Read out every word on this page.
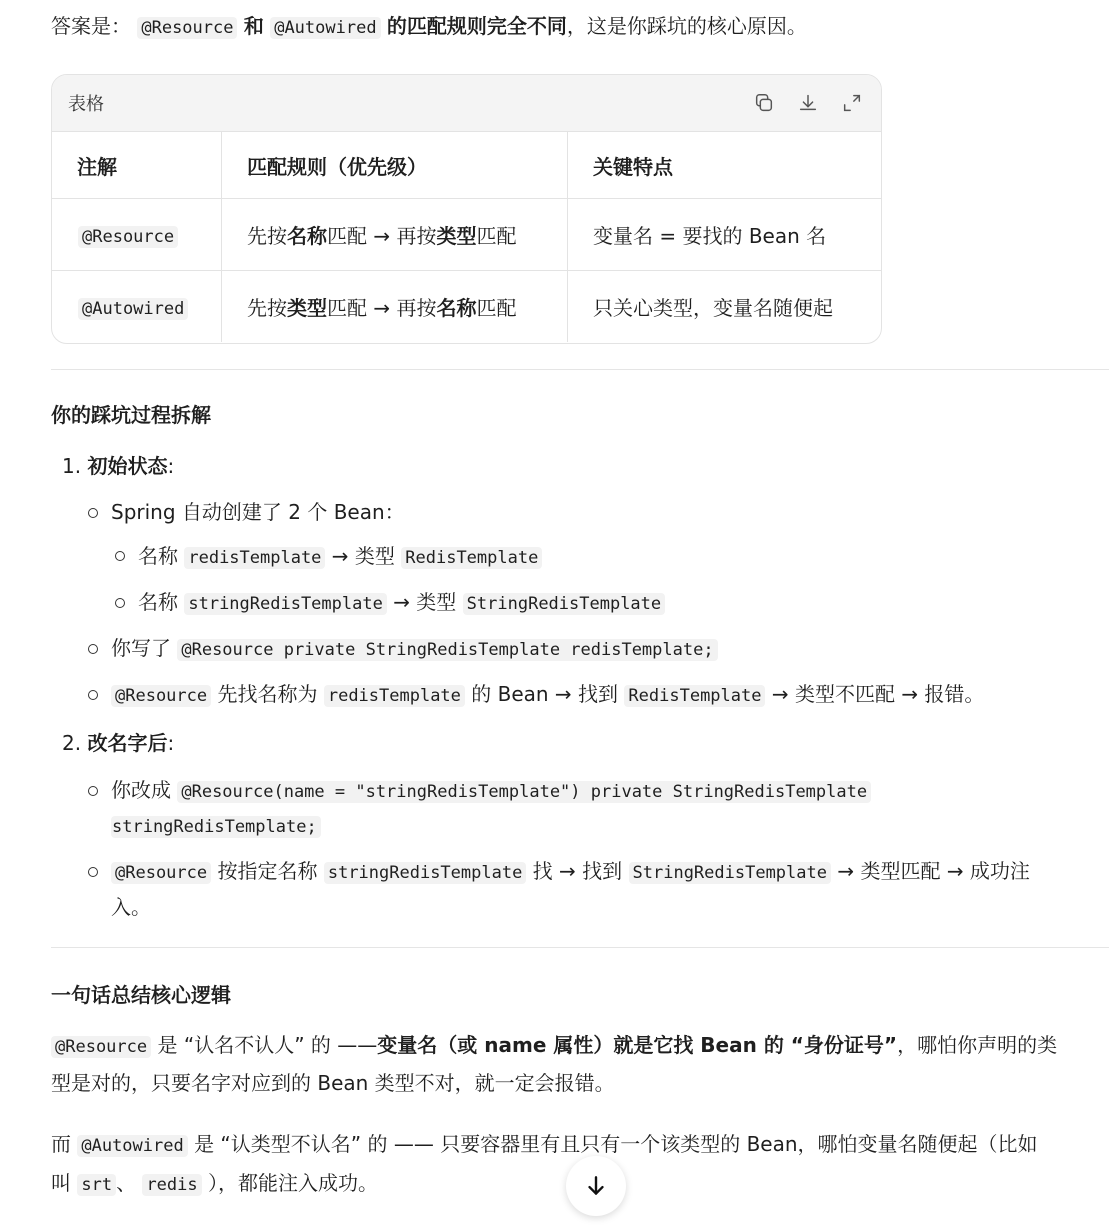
答案是： @Resource 和 @Autowired 的匹配规则完全不同，这是你踩坑的核心原因。
表格
注解	匹配规则（优先级）	关键特点
@Resource	先按名称匹配 → 再按类型匹配	变量名 = 要找的 Bean 名
@Autowired	先按类型匹配 → 再按名称匹配	只关心类型，变量名随便起
你的踩坑过程拆解
1. 初始状态:
Spring 自动创建了 2 个 Bean：
名称 redisTemplate → 类型 RedisTemplate
名称 stringRedisTemplate → 类型 StringRedisTemplate
你写了 @Resource private StringRedisTemplate redisTemplate;
@Resource 先找名称为 redisTemplate 的 Bean → 找到 RedisTemplate → 类型不匹配 → 报错。
2. 改名字后:
你改成 @Resource(name = "stringRedisTemplate") private StringRedisTemplate
stringRedisTemplate;
@Resource 按指定名称 stringRedisTemplate 找 → 找到 StringRedisTemplate → 类型匹配 → 成功注
入。
一句话总结核心逻辑
@Resource 是 “认名不认人” 的 ——变量名（或 name 属性）就是它找 Bean 的 “身份证号”，哪怕你声明的类
型是对的，只要名字对应到的 Bean 类型不对，就一定会报错。
而 @Autowired 是 “认类型不认名” 的 —— 只要容器里有且只有一个该类型的 Bean，哪怕变量名随便起（比如
叫 srt 、 redis ），都能注入成功。
